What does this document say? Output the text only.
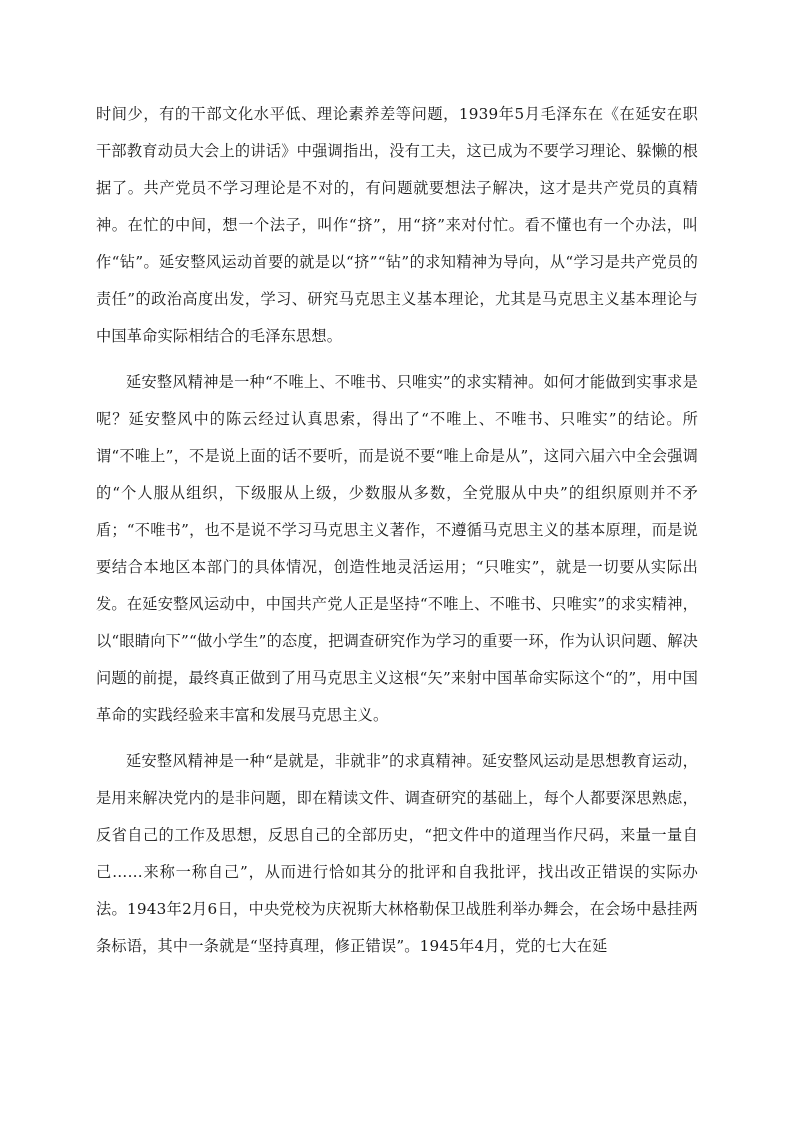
时间少，有的干部文化水平低、理论素养差等问题，1939年5月毛泽东在《在延安在职干部教育动员大会上的讲话》中强调指出，没有工夫，这已成为不要学习理论、躲懒的根据了。共产党员不学习理论是不对的，有问题就要想法子解决，这才是共产党员的真精神。在忙的中间，想一个法子，叫作“挤”，用“挤”来对付忙。看不懂也有一个办法，叫作“钻”。延安整风运动首要的就是以“挤”“钻”的求知精神为导向，从“学习是共产党员的责任”的政治高度出发，学习、研究马克思主义基本理论，尤其是马克思主义基本理论与中国革命实际相结合的毛泽东思想。

延安整风精神是一种“不唯上、不唯书、只唯实”的求实精神。如何才能做到实事求是呢？延安整风中的陈云经过认真思索，得出了“不唯上、不唯书、只唯实”的结论。所谓“不唯上”，不是说上面的话不要听，而是说不要“唯上命是从”，这同六届六中全会强调的“个人服从组织，下级服从上级，少数服从多数，全党服从中央”的组织原则并不矛盾；“不唯书”，也不是说不学习马克思主义著作，不遵循马克思主义的基本原理，而是说要结合本地区本部门的具体情况，创造性地灵活运用；“只唯实”，就是一切要从实际出发。在延安整风运动中，中国共产党人正是坚持“不唯上、不唯书、只唯实”的求实精神，以“眼睛向下”“做小学生”的态度，把调查研究作为学习的重要一环，作为认识问题、解决问题的前提，最终真正做到了用马克思主义这根“矢”来射中国革命实际这个“的”，用中国革命的实践经验来丰富和发展马克思主义。

延安整风精神是一种“是就是，非就非”的求真精神。延安整风运动是思想教育运动，是用来解决党内的是非问题，即在精读文件、调查研究的基础上，每个人都要深思熟虑，反省自己的工作及思想，反思自己的全部历史，“把文件中的道理当作尺码，来量一量自己……来称一称自己”，从而进行恰如其分的批评和自我批评，找出改正错误的实际办法。1943年2月6日，中央党校为庆祝斯大林格勒保卫战胜利举办舞会，在会场中悬挂两条标语，其中一条就是“坚持真理，修正错误”。1945年4月，党的七大在延
